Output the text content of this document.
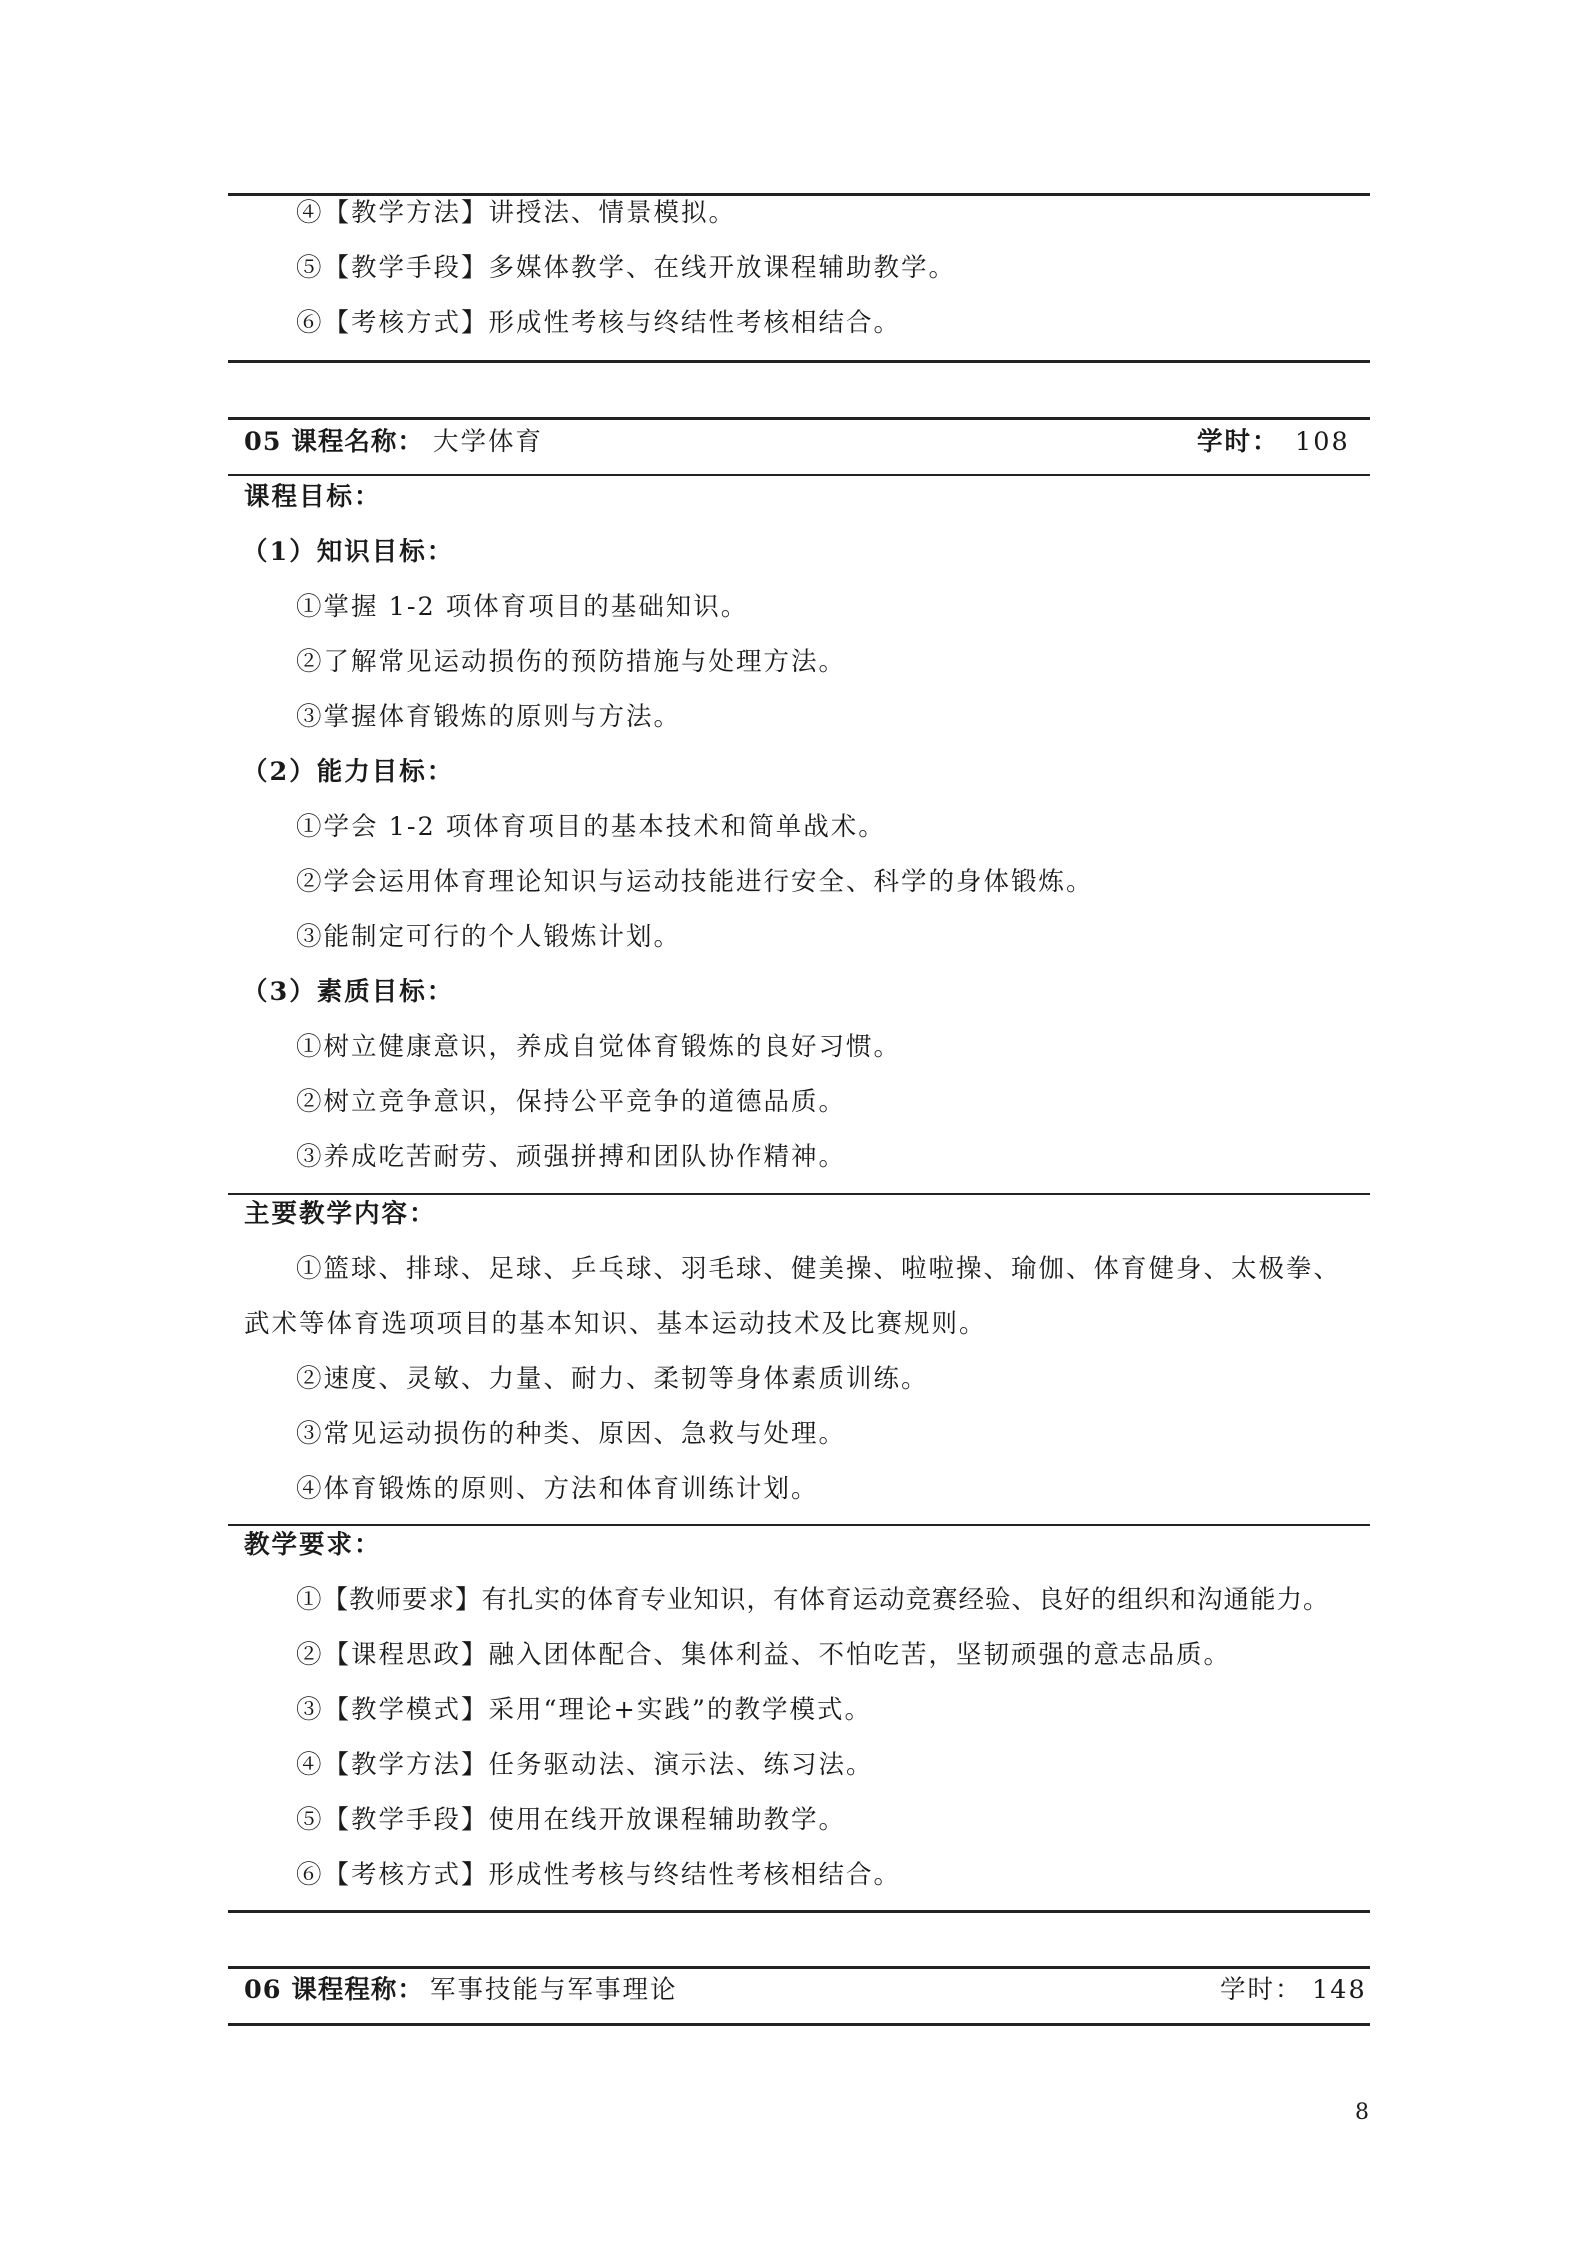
④【教学方法】讲授法、情景模拟。
⑤【教学手段】多媒体教学、在线开放课程辅助教学。
⑥【考核方式】形成性考核与终结性考核相结合。
05 课程名称： 大学体育	学时： 108
课程目标：
（1）知识目标：
①掌握 1-2 项体育项目的基础知识。
②了解常见运动损伤的预防措施与处理方法。
③掌握体育锻炼的原则与方法。
（2）能力目标：
①学会 1-2 项体育项目的基本技术和简单战术。
②学会运用体育理论知识与运动技能进行安全、科学的身体锻炼。
③能制定可行的个人锻炼计划。
（3）素质目标：
①树立健康意识，养成自觉体育锻炼的良好习惯。
②树立竞争意识，保持公平竞争的道德品质。
③养成吃苦耐劳、顽强拼搏和团队协作精神。
主要教学内容：
①篮球、排球、足球、乒乓球、羽毛球、健美操、啦啦操、瑜伽、体育健身、太极拳、
武术等体育选项项目的基本知识、基本运动技术及比赛规则。
②速度、灵敏、力量、耐力、柔韧等身体素质训练。
③常见运动损伤的种类、原因、急救与处理。
④体育锻炼的原则、方法和体育训练计划。
教学要求：
①【教师要求】有扎实的体育专业知识，有体育运动竞赛经验、良好的组织和沟通能力。
②【课程思政】融入团体配合、集体利益、不怕吃苦，坚韧顽强的意志品质。
③【教学模式】采用“理论+实践”的教学模式。
④【教学方法】任务驱动法、演示法、练习法。
⑤【教学手段】使用在线开放课程辅助教学。
⑥【考核方式】形成性考核与终结性考核相结合。
06 课程程称： 军事技能与军事理论	学时： 148
8
